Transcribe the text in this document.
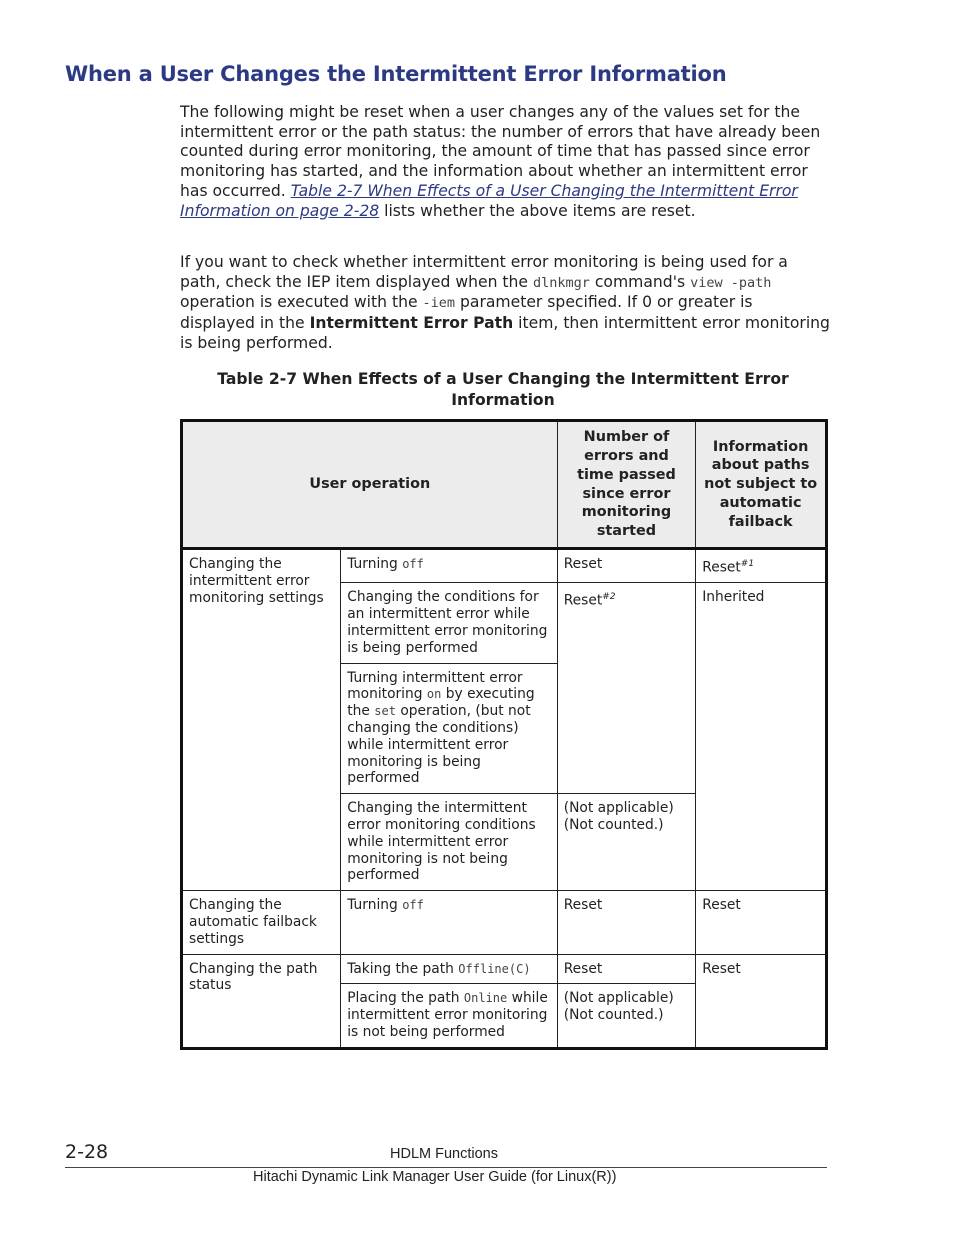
When a User Changes the Intermittent Error Information

The following might be reset when a user changes any of the values set for the intermittent error or the path status: the number of errors that have already been counted during error monitoring, the amount of time that has passed since error monitoring has started, and the information about whether an intermittent error has occurred. Table 2-7 When Effects of a User Changing the Intermittent Error Information on page 2-28 lists whether the above items are reset.

If you want to check whether intermittent error monitoring is being used for a path, check the IEP item displayed when the dlnkmgr command's view -path operation is executed with the -iem parameter specified. If 0 or greater is displayed in the Intermittent Error Path item, then intermittent error monitoring is being performed.

Table 2-7 When Effects of a User Changing the Intermittent Error Information
User operation		Number of errors and time passed since error monitoring started	Information about paths not subject to automatic failback
Changing the intermittent error monitoring settings	Turning off	Reset	Reset$^{\#1}$
	Changing the conditions for an intermittent error while intermittent error monitoring is being performed	Reset$^{\#2}$	Inherited
	Turning intermittent error monitoring on by executing the set operation, (but not changing the conditions) while intermittent error monitoring is being performed		
	Changing the intermittent error monitoring conditions while intermittent error monitoring is not being performed	(Not applicable)
(Not counted.)	

Changing the automatic failback settings	Turning off	Reset	Reset
Changing the path status	Taking the path Offline(C)	Reset	Reset
	Placing the path Online while intermittent error monitoring is not being performed	(Not applicable)
(Not counted.)	
2-28	HDLM Functions
Hitachi Dynamic Link Manager User Guide (for Linux(R))
